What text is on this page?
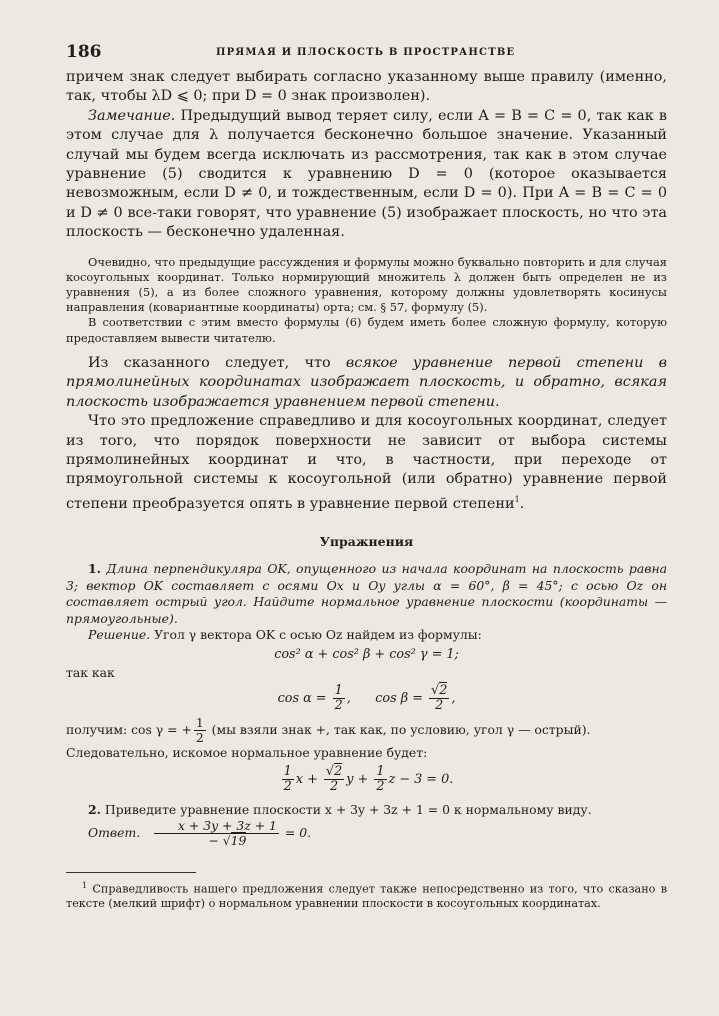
186	ПРЯМАЯ И ПЛОСКОСТЬ В ПРОСТРАНСТВЕ

причем знак следует выбирать согласно указанному выше правилу (именно, так, чтобы λD ⩽ 0; при D = 0 знак произволен).

Замечание. Предыдущий вывод теряет силу, если A = B = C = 0, так как в этом случае для λ получается бесконечно большое значение. Указанный случай мы будем всегда исключать из рассмотрения, так как в этом случае уравнение (5) сводится к уравнению D = 0 (которое оказывается невозможным, если D ≠ 0, и тождественным, если D = 0). При A = B = C = 0 и D ≠ 0 все-таки говорят, что уравнение (5) изображает плоскость, но что эта плоскость — бесконечно удаленная.

Очевидно, что предыдущие рассуждения и формулы можно буквально повторить и для случая косоугольных координат. Только нормирующий множитель λ должен быть определен не из уравнения (5), а из более сложного уравнения, которому должны удовлетворять косинусы направления (ковариантные координаты) орта; см. § 57, формулу (5).

В соответствии с этим вместо формулы (6) будем иметь более сложную формулу, которую предоставляем вывести читателю.

Из сказанного следует, что всякое уравнение первой степени в прямолинейных координатах изображает плоскость, и обратно, всякая плоскость изображается уравнением первой степени.

Что это предложение справедливо и для косоугольных координат, следует из того, что порядок поверхности не зависит от выбора системы прямолинейных координат и что, в частности, при переходе от прямоугольной системы к косоугольной (или обратно) уравнение первой степени преобразуется опять в уравнение первой степени$^1$.

Упражнения

1. Длина перпендикуляра OK, опущенного из начала координат на плоскость равна 3; вектор OK составляет с осями Ox и Oy углы α = 60°, β = 45°; с осью Oz он составляет острый угол. Найдите нормальное уравнение плоскости (координаты — прямоугольные).

Решение. Угол γ вектора OK с осью Oz найдем из формулы:

cos² α + cos² β + cos² γ = 1;

так как

$\cos \alpha = \frac{1}{2}$ ,      $\cos \beta = \frac{√2}{2}$ ,

получим: cos γ = + $\frac{1}{2} (мы$ взяли знак +, так как, по условию, угол γ — острый).

Следовательно, искомое нормальное уравнение будет:

$\frac{1}{2}$ $x + \frac{√2}{2}$ $y + \frac{1}{2}$ z − 3 = 0.

2. Приведите уравнение плоскости x + 3y + 3z + 1 = 0 к нормальному виду.

Ответ. $\frac{x + 3y + 3z + 1}{- √19} = 0$.

$^1$ Справедливость нашего предложения следует также непосредственно из того, что сказано в тексте (мелкий шрифт) о нормальном уравнении плоскости в косоугольных координатах.
